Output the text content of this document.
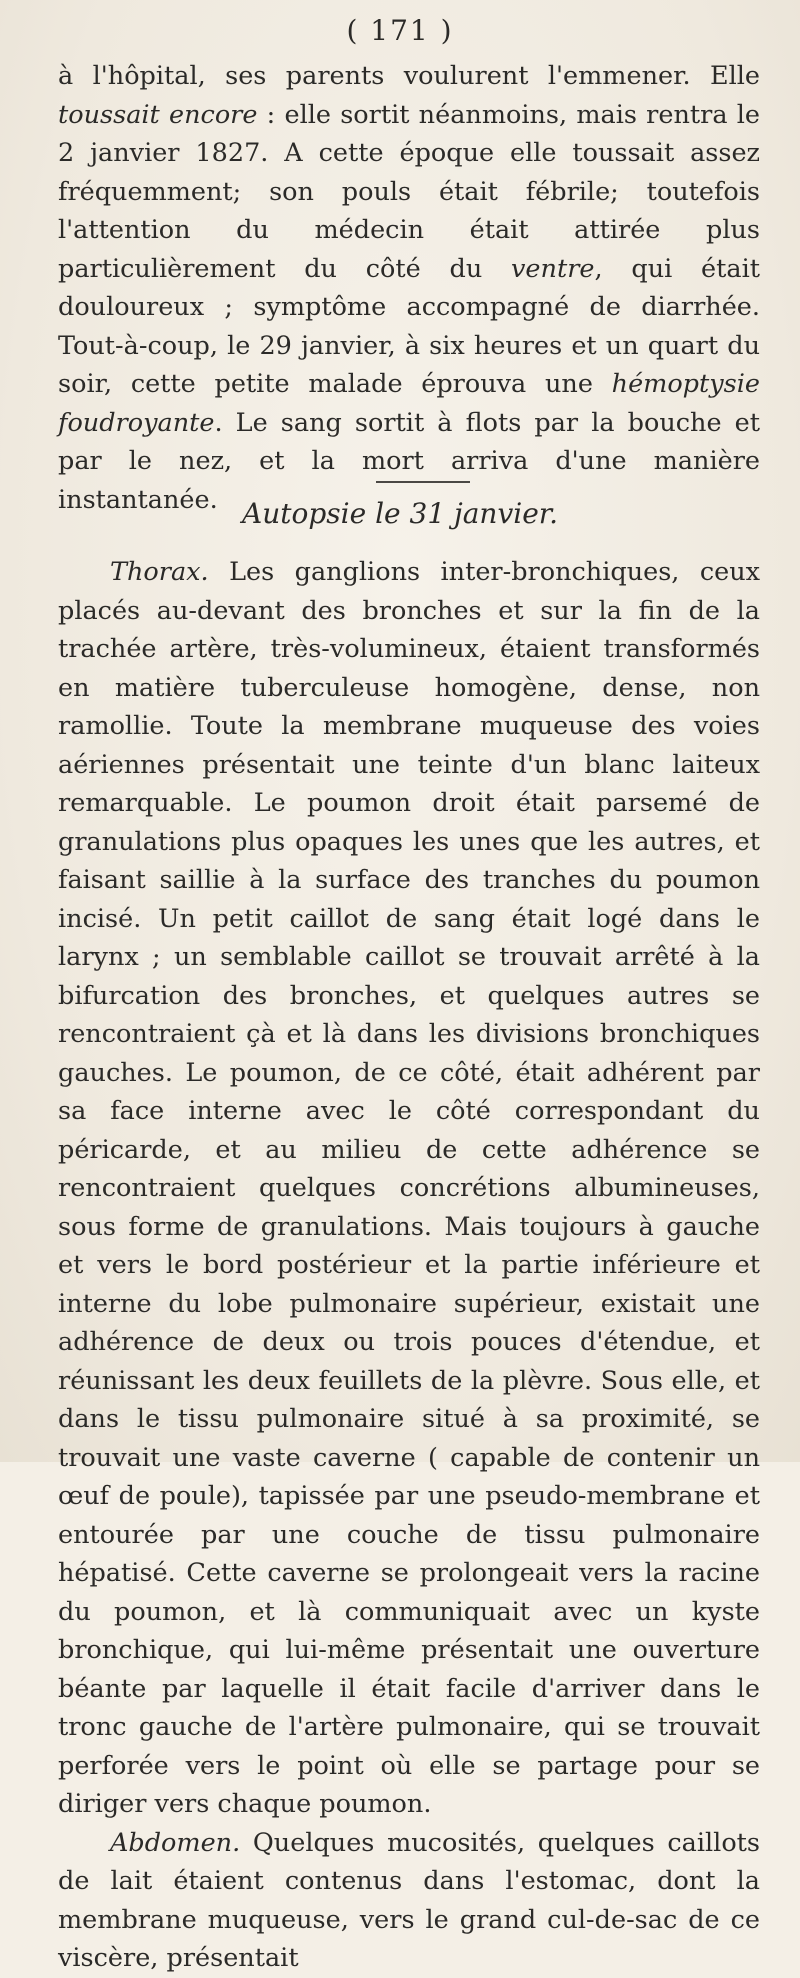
( 171 )

à l'hôpital, ses parents voulurent l'emmener. Elle toussait encore : elle sortit néanmoins, mais rentra le 2 janvier 1827. A cette époque elle toussait assez fréquemment; son pouls était fébrile; toutefois l'attention du médecin était attirée plus particulièrement du côté du ventre, qui était douloureux ; symptôme accompagné de diarrhée. Tout-à-coup, le 29 janvier, à six heures et un quart du soir, cette petite malade éprouva une hémoptysie foudroyante. Le sang sortit à flots par la bouche et par le nez, et la mort arriva d'une manière instantanée. Autopsie le 31 janvier.

Thorax. Les ganglions inter-bronchiques, ceux placés au-devant des bronches et sur la fin de la trachée artère, très-volumineux, étaient transformés en matière tuberculeuse homogène, dense, non ramollie. Toute la membrane muqueuse des voies aériennes présentait une teinte d'un blanc laiteux remarquable. Le poumon droit était parsemé de granulations plus opaques les unes que les autres, et faisant saillie à la surface des tranches du poumon incisé. Un petit caillot de sang était logé dans le larynx ; un semblable caillot se trouvait arrêté à la bifurcation des bronches, et quelques autres se rencontraient çà et là dans les divisions bronchiques gauches. Le poumon, de ce côté, était adhérent par sa face interne avec le côté correspondant du péricarde, et au milieu de cette adhérence se rencontraient quelques concrétions albumineuses, sous forme de granulations. Mais toujours à gauche et vers le bord postérieur et la partie inférieure et interne du lobe pulmonaire supérieur, existait une adhérence de deux ou trois pouces d'étendue, et réunissant les deux feuillets de la plèvre. Sous elle, et dans le tissu pulmonaire situé à sa proximité, se trouvait une vaste caverne ( capable de contenir un œuf de poule), tapissée par une pseudo-membrane et entourée par une couche de tissu pulmonaire hépatisé. Cette caverne se prolongeait vers la racine du poumon, et là communiquait avec un kyste bronchique, qui lui-même présentait une ouverture béante par laquelle il était facile d'arriver dans le tronc gauche de l'artère pulmonaire, qui se trouvait perforée vers le point où elle se partage pour se diriger vers chaque poumon.

Abdomen. Quelques mucosités, quelques caillots de lait étaient contenus dans l'estomac, dont la membrane muqueuse, vers le grand cul-de-sac de ce viscère, présentait
